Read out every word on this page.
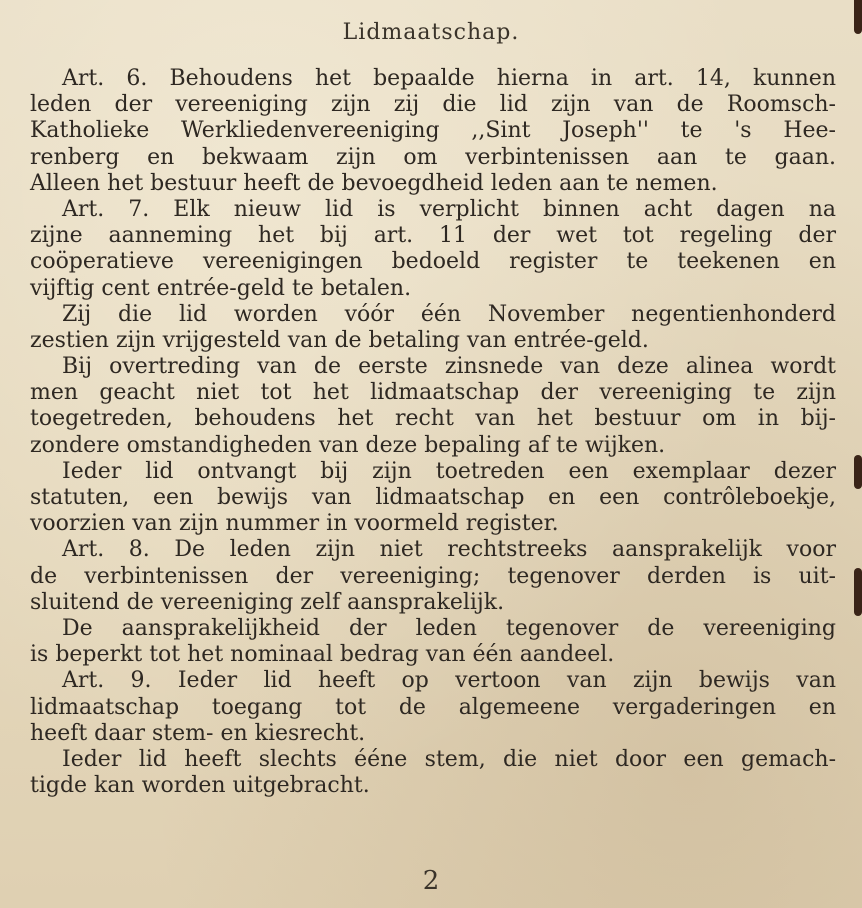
Lidmaatschap.
Art. 6. Behoudens het bepaalde hierna in art. 14, kunnen
leden der vereeniging zijn zij die lid zijn van de Roomsch-
Katholieke Werkliedenvereeniging ,,Sint Joseph'' te 's Hee-
renberg en bekwaam zijn om verbintenissen aan te gaan.
Alleen het bestuur heeft de bevoegdheid leden aan te nemen.
Art. 7. Elk nieuw lid is verplicht binnen acht dagen na
zijne aanneming het bij art. 11 der wet tot regeling der
coöperatieve vereenigingen bedoeld register te teekenen en
vijftig cent entrée-geld te betalen.
Zij die lid worden vóór één November negentienhonderd
zestien zijn vrijgesteld van de betaling van entrée-geld.
Bij overtreding van de eerste zinsnede van deze alinea wordt
men geacht niet tot het lidmaatschap der vereeniging te zijn
toegetreden, behoudens het recht van het bestuur om in bij-
zondere omstandigheden van deze bepaling af te wijken.
Ieder lid ontvangt bij zijn toetreden een exemplaar dezer
statuten, een bewijs van lidmaatschap en een contrôleboekje,
voorzien van zijn nummer in voormeld register.
Art. 8. De leden zijn niet rechtstreeks aansprakelijk voor
de verbintenissen der vereeniging; tegenover derden is uit-
sluitend de vereeniging zelf aansprakelijk.
De aansprakelijkheid der leden tegenover de vereeniging
is beperkt tot het nominaal bedrag van één aandeel.
Art. 9. Ieder lid heeft op vertoon van zijn bewijs van
lidmaatschap toegang tot de algemeene vergaderingen en
heeft daar stem- en kiesrecht.
Ieder lid heeft slechts ééne stem, die niet door een gemach-
tigde kan worden uitgebracht.
2
